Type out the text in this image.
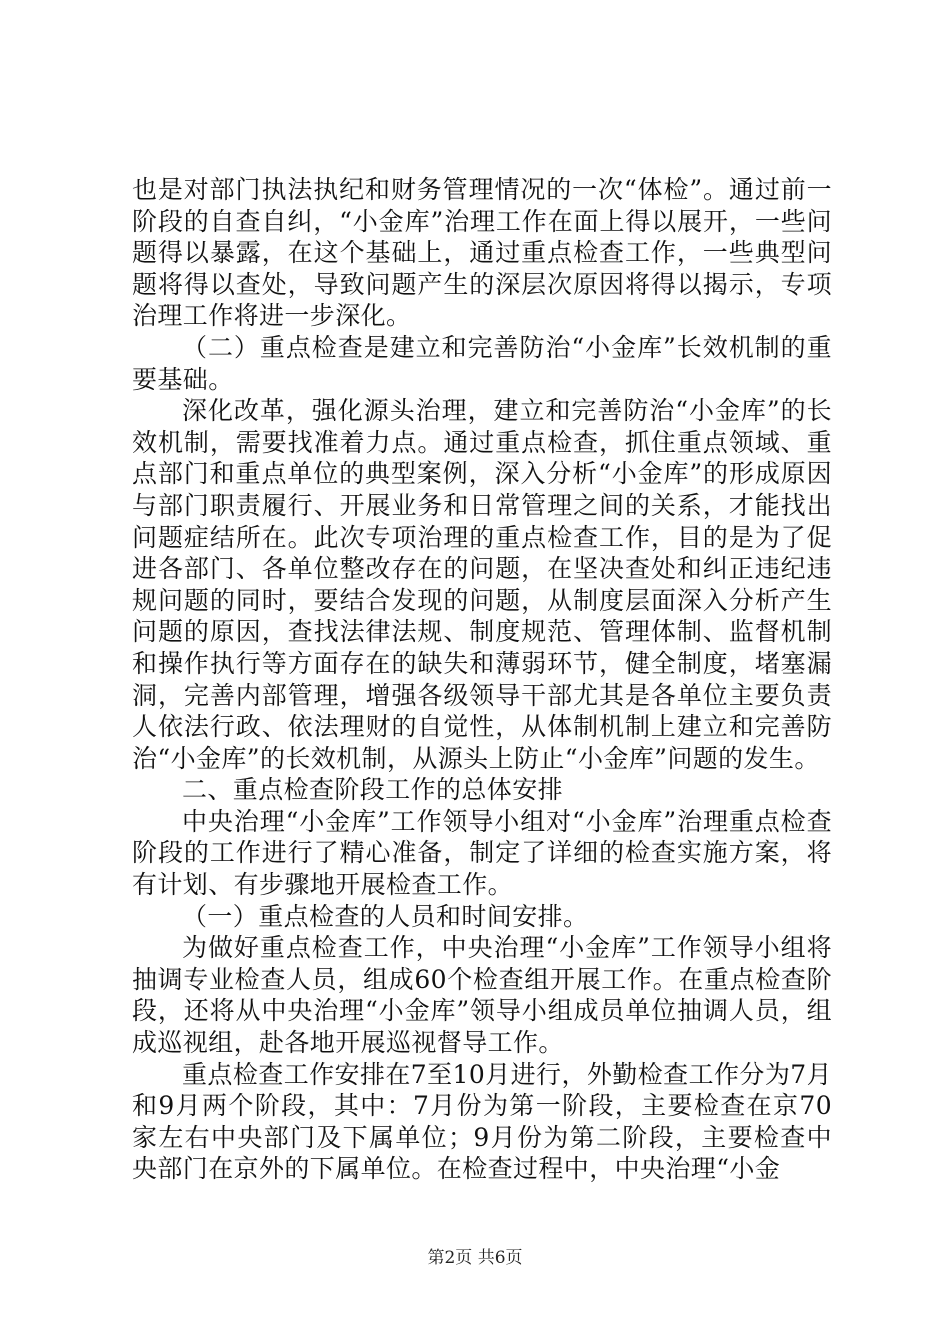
也是对部门执法执纪和财务管理情况的一次“体检”。通过前一阶段的自查自纠，“小金库”治理工作在面上得以展开，一些问题得以暴露，在这个基础上，通过重点检查工作，一些典型问题将得以查处，导致问题产生的深层次原因将得以揭示，专项治理工作将进一步深化。

（二）重点检查是建立和完善防治“小金库”长效机制的重要基础。

深化改革，强化源头治理，建立和完善防治“小金库”的长效机制，需要找准着力点。通过重点检查，抓住重点领域、重点部门和重点单位的典型案例，深入分析“小金库”的形成原因与部门职责履行、开展业务和日常管理之间的关系，才能找出问题症结所在。此次专项治理的重点检查工作，目的是为了促进各部门、各单位整改存在的问题，在坚决查处和纠正违纪违规问题的同时，要结合发现的问题，从制度层面深入分析产生问题的原因，查找法律法规、制度规范、管理体制、监督机制和操作执行等方面存在的缺失和薄弱环节，健全制度，堵塞漏洞，完善内部管理，增强各级领导干部尤其是各单位主要负责人依法行政、依法理财的自觉性，从体制机制上建立和完善防治“小金库”的长效机制，从源头上防止“小金库”问题的发生。

二、重点检查阶段工作的总体安排

中央治理“小金库”工作领导小组对“小金库”治理重点检查阶段的工作进行了精心准备，制定了详细的检查实施方案，将有计划、有步骤地开展检查工作。

（一）重点检查的人员和时间安排。

为做好重点检查工作，中央治理“小金库”工作领导小组将抽调专业检查人员，组成60个检查组开展工作。在重点检查阶段，还将从中央治理“小金库”领导小组成员单位抽调人员，组成巡视组，赴各地开展巡视督导工作。

重点检查工作安排在7至10月进行，外勤检查工作分为7月和9月两个阶段，其中：7月份为第一阶段，主要检查在京70家左右中央部门及下属单位；9月份为第二阶段，主要检查中央部门在京外的下属单位。在检查过程中，中央治理“小金

第2页 共6页
